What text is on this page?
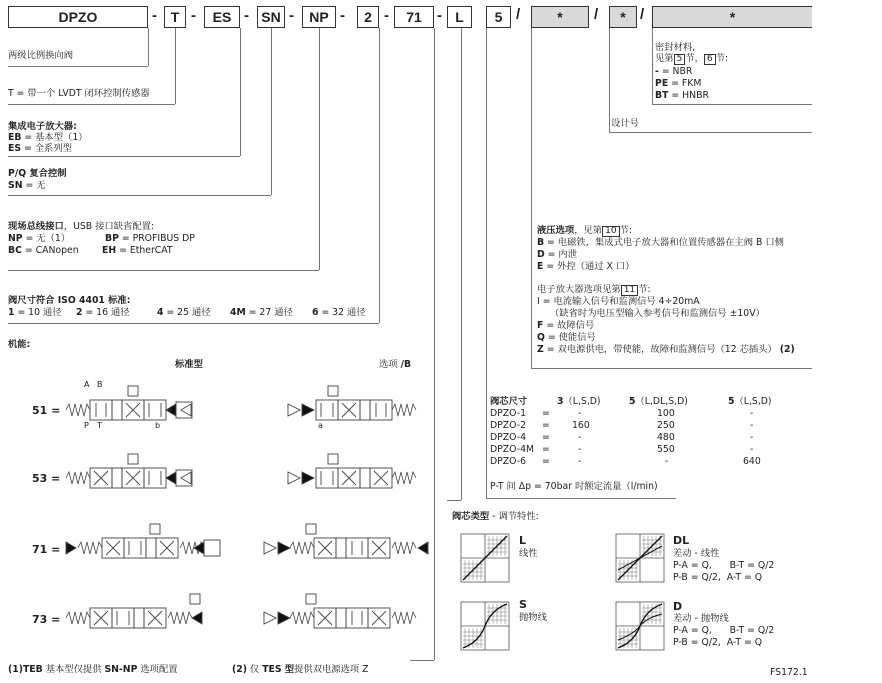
DPZO	- T -	ES - SN -	NP -	2 -	71	- L	5 /	*	/	* /	*
两级比例换向阀
T = 带一个 LVDT 闭环控制传感器
集成电子放大器:
EB = 基本型（1）
ES = 全系列型
P/Q 复合控制
SN = 无
现场总线接口，USB 接口缺省配置:
NP = 无（1）	BP = PROFIBUS DP
BC = CANopen	EH = EtherCAT
阀尺寸符合 ISO 4401 标准:
1 = 10 通径 2 = 16 通径	4 = 25 通径 4M = 27 通径 6 = 32 通径
机能:
标准型	选项 /B
51 =
53 =
71 =
73 =
A B
P T	b	a
密封材料,
见第 5 节， 6 节:
- = NBR
PE = FKM
BT = HNBR
设计号
液压选项，见第 10 节:
B = 电磁铁，集成式电子放大器和位置传感器在主阀 B 口侧
D = 内泄
E = 外控（通过 X 口）
电子放大器选项见第 11 节:
I = 电流输入信号和监测信号 4÷20mA
（缺省时为电压型输入参考信号和监测信号 ±10V）
F = 故障信号
Q = 使能信号
Z = 双电源供电，带使能，故障和监测信号（12 芯插头） (2)
阀芯尺寸	3（L,S,D)	5（L,DL,S,D)	5（L,S,D)
DPZO-1 =	-	100	-
DPZO-2 = 160	250	-
DPZO-4 =	-	480	-
DPZO-4M =	-	550	-
DPZO-6 =	-	-	640
P-T 间 Δp = 70bar 时额定流量（l/min)
阀芯类型 - 调节特性:
L
线性
DL
差动 - 线性
P-A = Q,      B-T = Q/2
P-B = Q/2,  A-T = Q
S
抛物线
D
差动 - 抛物线
P-A = Q,      B-T = Q/2
P-B = Q/2,  A-T = Q
(1)TEB 基本型仅提供 SN-NP 选项配置	(2) 仅 TES 型提供双电源选项 Z	FS172.1
